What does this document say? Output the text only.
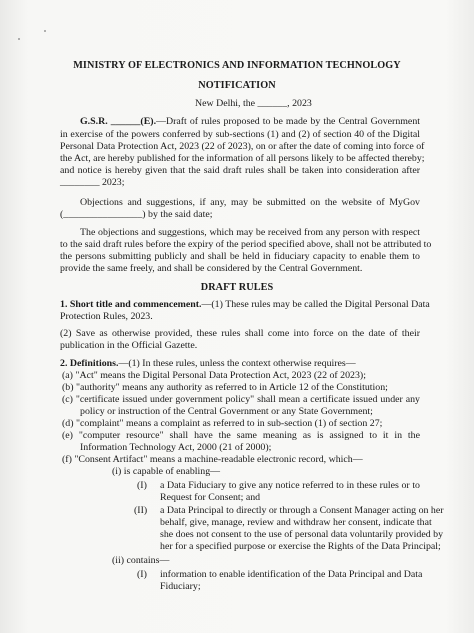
MINISTRY OF ELECTRONICS AND INFORMATION TECHNOLOGY
NOTIFICATION
New Delhi, the ______, 2023
G.S.R. ______(E).—Draft of rules proposed to be made by the Central Government
in exercise of the powers conferred by sub-sections (1) and (2) of section 40 of the Digital
Personal Data Protection Act, 2023 (22 of 2023), on or after the date of coming into force of
the Act, are hereby published for the information of all persons likely to be affected thereby;
and notice is hereby given that the said draft rules shall be taken into consideration after
________ 2023;
Objections and suggestions, if any, may be submitted on the website of MyGov
(________________) by the said date;
The objections and suggestions, which may be received from any person with respect
to the said draft rules before the expiry of the period specified above, shall not be attributed to
the persons submitting publicly and shall be held in fiduciary capacity to enable them to
provide the same freely, and shall be considered by the Central Government.
DRAFT RULES
1. Short title and commencement.—(1) These rules may be called the Digital Personal Data
Protection Rules, 2023.
(2) Save as otherwise provided, these rules shall come into force on the date of their
publication in the Official Gazette.
2. Definitions.—(1) In these rules, unless the context otherwise requires—
(a) "Act" means the Digital Personal Data Protection Act, 2023 (22 of 2023);
(b) "authority" means any authority as referred to in Article 12 of the Constitution;
(c) "certificate issued under government policy" shall mean a certificate issued under any
policy or instruction of the Central Government or any State Government;
(d) "complaint" means a complaint as referred to in sub-section (1) of section 27;
(e) "computer resource" shall have the same meaning as is assigned to it in the
Information Technology Act, 2000 (21 of 2000);
(f) "Consent Artifact" means a machine-readable electronic record, which—
(i) is capable of enabling—
(I) a Data Fiduciary to give any notice referred to in these rules or to
Request for Consent; and
(II) a Data Principal to directly or through a Consent Manager acting on her
behalf, give, manage, review and withdraw her consent, indicate that
she does not consent to the use of personal data voluntarily provided by
her for a specified purpose or exercise the Rights of the Data Principal;
(ii) contains—
(I) information to enable identification of the Data Principal and Data
Fiduciary;
